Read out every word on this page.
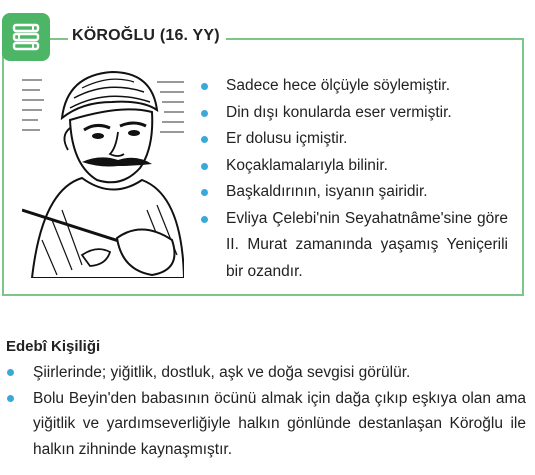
KÖROĞLU (16. YY)
Sadece hece ölçüyle söylemiştir.
Din dışı konularda eser vermiştir.
Er dolusu içmiştir.
Koçaklamalarıyla bilinir.
Başkaldırının, isyanın şairidir.
Evliya Çelebi'nin Seyahatnâme'sine göre II. Murat zamanında yaşamış Yeniçerili bir ozandır.
Edebî Kişiliği
Şiirlerinde; yiğitlik, dostluk, aşk ve doğa sevgisi görülür.
Bolu Beyin'den babasının öcünü almak için dağa çıkıp eşkıya olan ama yiğitlik ve yardımseverliğiyle halkın gönlünde destanlaşan Köroğlu ile halkın zihninde kaynaşmıştır.
